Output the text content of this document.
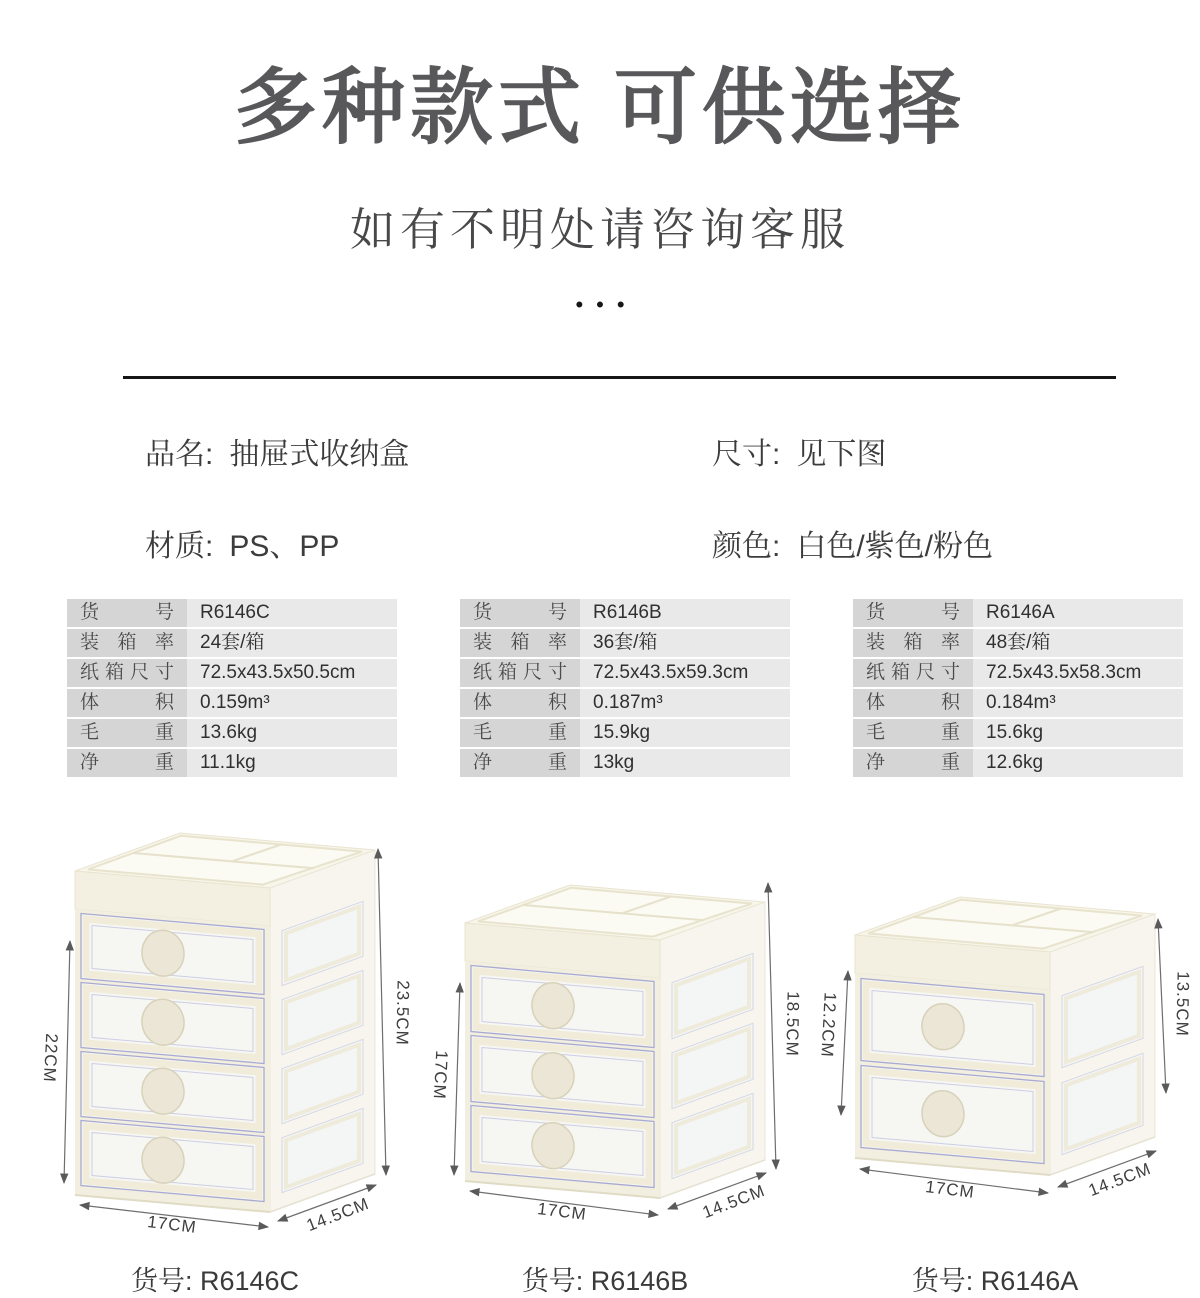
多种款式 可供选择
如有不明处请咨询客服
•••
品名: 抽屉式收纳盒	尺寸: 见下图
材质: PS、PP	颜色: 白色/紫色/粉色
货号	R6146C
装箱率	24套/箱
纸箱尺寸	72.5x43.5x50.5cm
体积	0.159m³
毛重	13.6kg
净重	11.1kg
货号	R6146B
装箱率	36套/箱
纸箱尺寸	72.5x43.5x59.3cm
体积	0.187m³
毛重	15.9kg
净重	13kg
货号	R6146A
装箱率	48套/箱
纸箱尺寸	72.5x43.5x58.3cm
体积	0.184m³
毛重	15.6kg
净重	12.6kg
22CM
23.5CM
17CM	14.5CM
货号: R6146C
17CM
18.5CM
17CM	14.5CM
货号: R6146B
12.2CM	13.5CM
17CM	14.5CM
货号: R6146A
